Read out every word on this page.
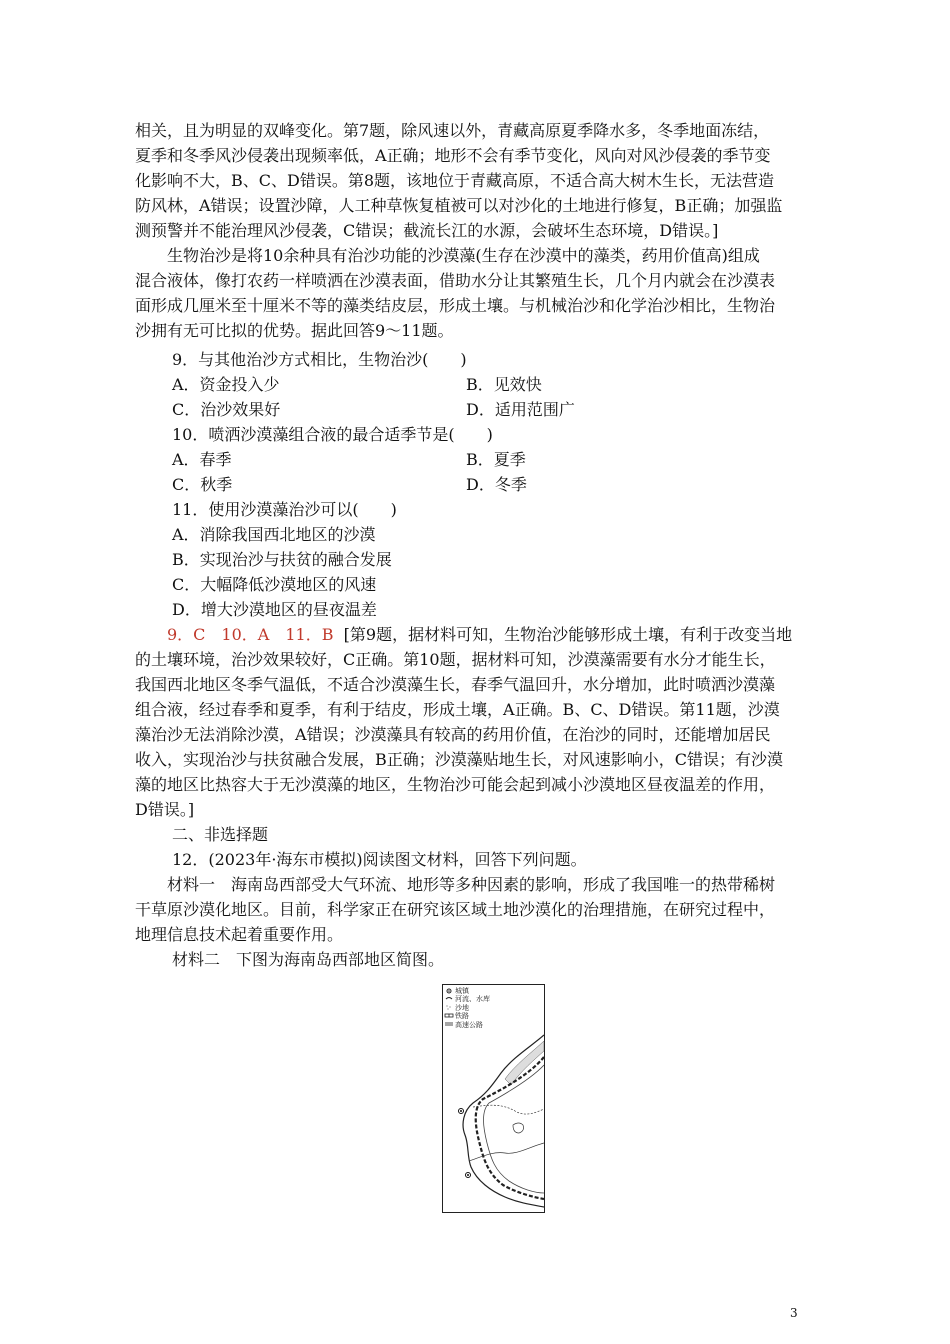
相关，且为明显的双峰变化。第7题，除风速以外，青藏高原夏季降水多，冬季地面冻结，

夏季和冬季风沙侵袭出现频率低，A正确；地形不会有季节变化，风向对风沙侵袭的季节变

化影响不大，B、C、D错误。第8题，该地位于青藏高原，不适合高大树木生长，无法营造

防风林，A错误；设置沙障，人工种草恢复植被可以对沙化的土地进行修复，B正确；加强监

测预警并不能治理风沙侵袭，C错误；截流长江的水源，会破坏生态环境，D错误。]

生物治沙是将10余种具有治沙功能的沙漠藻(生存在沙漠中的藻类，药用价值高)组成

混合液体，像打农药一样喷洒在沙漠表面，借助水分让其繁殖生长，几个月内就会在沙漠表

面形成几厘米至十厘米不等的藻类结皮层，形成土壤。与机械治沙和化学治沙相比，生物治

沙拥有无可比拟的优势。据此回答9～11题。

9．与其他治沙方式相比，生物治沙(　　)
A．资金投入少	B．见效快
C．治沙效果好	D．适用范围广
10．喷洒沙漠藻组合液的最合适季节是(　　)
A．春季	B．夏季
C．秋季	D．冬季
11．使用沙漠藻治沙可以(　　)
A．消除我国西北地区的沙漠
B．实现治沙与扶贫的融合发展
C．大幅降低沙漠地区的风速
D．增大沙漠地区的昼夜温差

9．C　10．A　11．B [第9题，据材料可知，生物治沙能够形成土壤，有利于改变当地

的土壤环境，治沙效果较好，C正确。第10题，据材料可知，沙漠藻需要有水分才能生长，

我国西北地区冬季气温低，不适合沙漠藻生长，春季气温回升，水分增加，此时喷洒沙漠藻

组合液，经过春季和夏季，有利于结皮，形成土壤，A正确。B、C、D错误。第11题，沙漠

藻治沙无法消除沙漠，A错误；沙漠藻具有较高的药用价值，在治沙的同时，还能增加居民

收入，实现治沙与扶贫融合发展，B正确；沙漠藻贴地生长，对风速影响小，C错误；有沙漠

藻的地区比热容大于无沙漠藻的地区，生物治沙可能会起到减小沙漠地区昼夜温差的作用，

D错误。]

二、非选择题
12．(2023年·海东市模拟)阅读图文材料，回答下列问题。

材料一　海南岛西部受大气环流、地形等多种因素的影响，形成了我国唯一的热带稀树

干草原沙漠化地区。目前，科学家正在研究该区域土地沙漠化的治理措施，在研究过程中，

地理信息技术起着重要作用。

材料二　下图为海南岛西部地区简图。
城镇
河流、水库
沙地
铁路
高速公路
3
